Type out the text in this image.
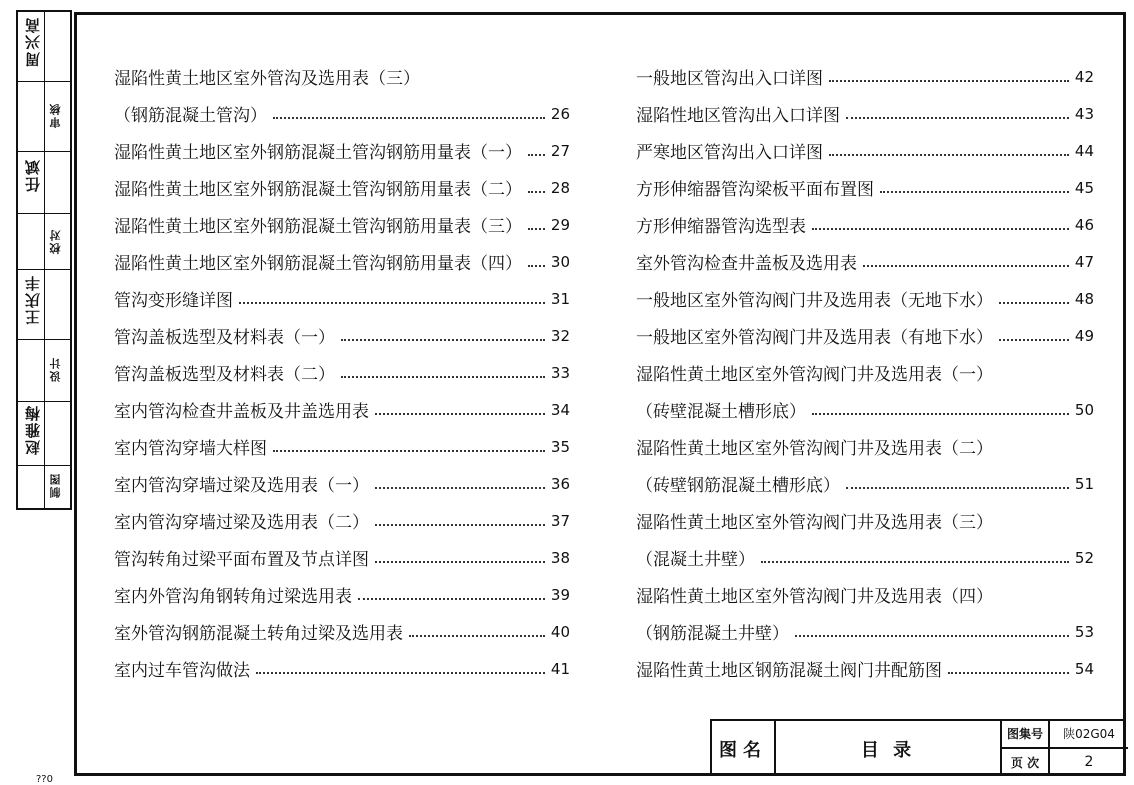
周兴高
审核
任斌
校对
王庆丰
设计
赵雅梅
制图
湿陷性黄土地区室外管沟及选用表（三）
（钢筋混凝土管沟）	26
湿陷性黄土地区室外钢筋混凝土管沟钢筋用量表（一） 27
湿陷性黄土地区室外钢筋混凝土管沟钢筋用量表（二） 28
湿陷性黄土地区室外钢筋混凝土管沟钢筋用量表（三） 29
湿陷性黄土地区室外钢筋混凝土管沟钢筋用量表（四） 30
管沟变形缝详图	31
管沟盖板选型及材料表（一）	32
管沟盖板选型及材料表（二）	33
室内管沟检查井盖板及井盖选用表	34
室内管沟穿墙大样图	35
室内管沟穿墙过梁及选用表（一）	36
室内管沟穿墙过梁及选用表（二）	37
管沟转角过梁平面布置及节点详图	38
室内外管沟角钢转角过梁选用表	39
室外管沟钢筋混凝土转角过梁及选用表	40
室内过车管沟做法	41
一般地区管沟出入口详图	42
湿陷性地区管沟出入口详图	43
严寒地区管沟出入口详图	44
方形伸缩器管沟梁板平面布置图	45
方形伸缩器管沟选型表	46
室外管沟检查井盖板及选用表	47
一般地区室外管沟阀门井及选用表（无地下水）	48
一般地区室外管沟阀门井及选用表（有地下水）	49
湿陷性黄土地区室外管沟阀门井及选用表（一）
（砖壁混凝土槽形底）	50
湿陷性黄土地区室外管沟阀门井及选用表（二）
（砖壁钢筋混凝土槽形底）	51
湿陷性黄土地区室外管沟阀门井及选用表（三）
（混凝土井壁）	52
湿陷性黄土地区室外管沟阀门井及选用表（四）
（钢筋混凝土井壁）	53
湿陷性黄土地区钢筋混凝土阀门井配筋图	54
图名	目 录
图集号	陕02G04
页 次	2
??0
